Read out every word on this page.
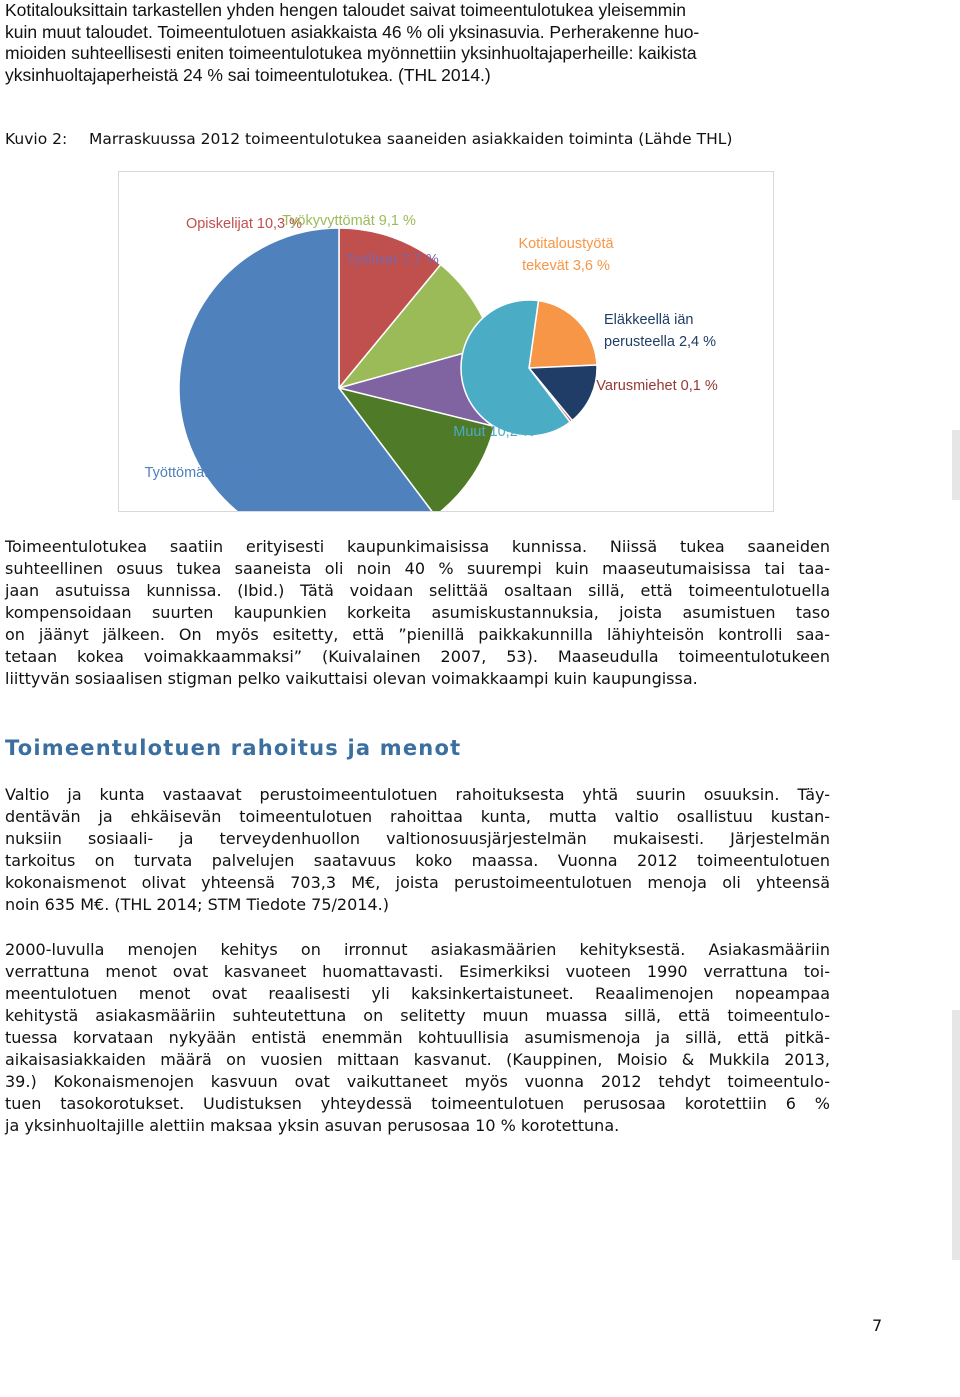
Kotitalouksittain tarkastellen yhden hengen taloudet saivat toimeentulotukea yleisemmin
kuin muut taloudet. Toimeentulotuen asiakkaista 46 % oli yksinasuvia. Perherakenne huo-
mioiden suhteellisesti eniten toimeentulotukea myönnettiin yksinhuoltajaperheille: kaikista
yksinhuoltajaperheistä 24 % sai toimeentulotukea. (THL 2014.)
Kuvio 2: Marraskuussa 2012 toimeentulotukea saaneiden asiakkaiden toiminta (Lähde THL)
Opiskelijat 10,3 %
Työkyvyttömät 9,1 %
Työlliset 7,7 %
Kotitaloustyötä tekevät 3,6 %
Eläkkeellä iän perusteella 2,4 %
Varusmiehet 0,1 %
Muut 10,2 %
Työttömät 56,6 %
Toimeentulotukea saatiin erityisesti kaupunkimaisissa kunnissa. Niissä tukea saaneiden
suhteellinen osuus tukea saaneista oli noin 40 % suurempi kuin maaseutumaisissa tai taa-
jaan asutuissa kunnissa. (Ibid.) Tätä voidaan selittää osaltaan sillä, että toimeentulotuella
kompensoidaan suurten kaupunkien korkeita asumiskustannuksia, joista asumistuen taso
on jäänyt jälkeen. On myös esitetty, että ”pienillä paikkakunnilla lähiyhteisön kontrolli saa-
tetaan kokea voimakkaammaksi” (Kuivalainen 2007, 53). Maaseudulla toimeentulotukeen
liittyvän sosiaalisen stigman pelko vaikuttaisi olevan voimakkaampi kuin kaupungissa.
Toimeentulotuen rahoitus ja menot
Valtio ja kunta vastaavat perustoimeentulotuen rahoituksesta yhtä suurin osuuksin. Täy-
dentävän ja ehkäisevän toimeentulotuen rahoittaa kunta, mutta valtio osallistuu kustan-
nuksiin sosiaali- ja terveydenhuollon valtionosuusjärjestelmän mukaisesti. Järjestelmän
tarkoitus on turvata palvelujen saatavuus koko maassa. Vuonna 2012 toimeentulotuen
kokonaismenot olivat yhteensä 703,3 M€, joista perustoimeentulotuen menoja oli yhteensä
noin 635 M€. (THL 2014; STM Tiedote 75/2014.)
2000-luvulla menojen kehitys on irronnut asiakasmäärien kehityksestä. Asiakasmääriin
verrattuna menot ovat kasvaneet huomattavasti. Esimerkiksi vuoteen 1990 verrattuna toi-
meentulotuen menot ovat reaalisesti yli kaksinkertaistuneet. Reaalimenojen nopeampaa
kehitystä asiakasmääriin suhteutettuna on selitetty muun muassa sillä, että toimeentulo-
tuessa korvataan nykyään entistä enemmän kohtuullisia asumismenoja ja sillä, että pitkä-
aikaisasiakkaiden määrä on vuosien mittaan kasvanut. (Kauppinen, Moisio & Mukkila 2013,
39.) Kokonaismenojen kasvuun ovat vaikuttaneet myös vuonna 2012 tehdyt toimeentulo-
tuen tasokorotukset. Uudistuksen yhteydessä toimeentulotuen perusosaa korotettiin 6 %
ja yksinhuoltajille alettiin maksaa yksin asuvan perusosaa 10 % korotettuna.
7
